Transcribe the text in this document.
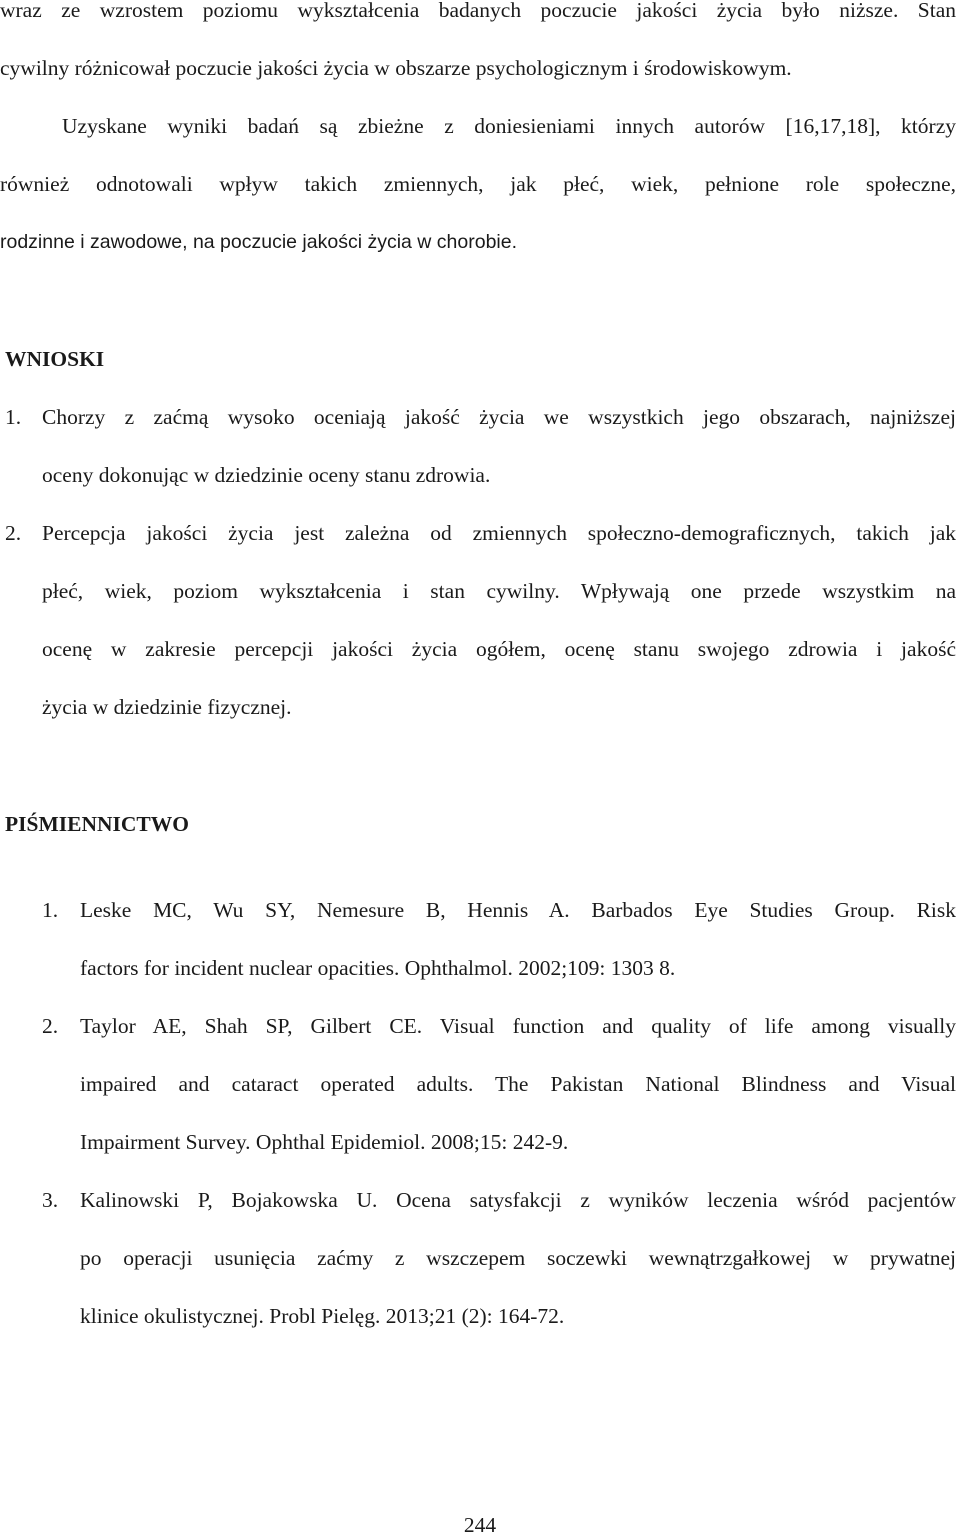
wraz ze wzrostem poziomu wykształcenia badanych poczucie jakości życia było niższe. Stan
cywilny różnicował poczucie jakości życia w obszarze psychologicznym i środowiskowym.
Uzyskane wyniki badań są zbieżne z doniesieniami innych autorów [16,17,18], którzy
również odnotowali wpływ takich zmiennych, jak płeć, wiek, pełnione role społeczne,
rodzinne i zawodowe, na poczucie jakości życia w chorobie.
WNIOSKI
1. Chorzy z zaćmą wysoko oceniają jakość życia we wszystkich jego obszarach, najniższej
oceny dokonując w dziedzinie oceny stanu zdrowia.
2. Percepcja jakości życia jest zależna od zmiennych społeczno-demograficznych, takich jak
płeć, wiek, poziom wykształcenia i stan cywilny. Wpływają one przede wszystkim na
ocenę w zakresie percepcji jakości życia ogółem, ocenę stanu swojego zdrowia i jakość
życia w dziedzinie fizycznej.
PIŚMIENNICTWO
1. Leske MC, Wu SY, Nemesure B, Hennis A. Barbados Eye Studies Group. Risk
factors for incident nuclear opacities. Ophthalmol. 2002;109: 1303 8.
2. Taylor AE, Shah SP, Gilbert CE. Visual function and quality of life among visually
impaired and cataract operated adults. The Pakistan National Blindness and Visual
Impairment Survey. Ophthal Epidemiol. 2008;15: 242-9.
3. Kalinowski P, Bojakowska U. Ocena satysfakcji z wyników leczenia wśród pacjentów
po operacji usunięcia zaćmy z wszczepem soczewki wewnątrzgałkowej w prywatnej
klinice okulistycznej. Probl Pielęg. 2013;21 (2): 164-72.
244
